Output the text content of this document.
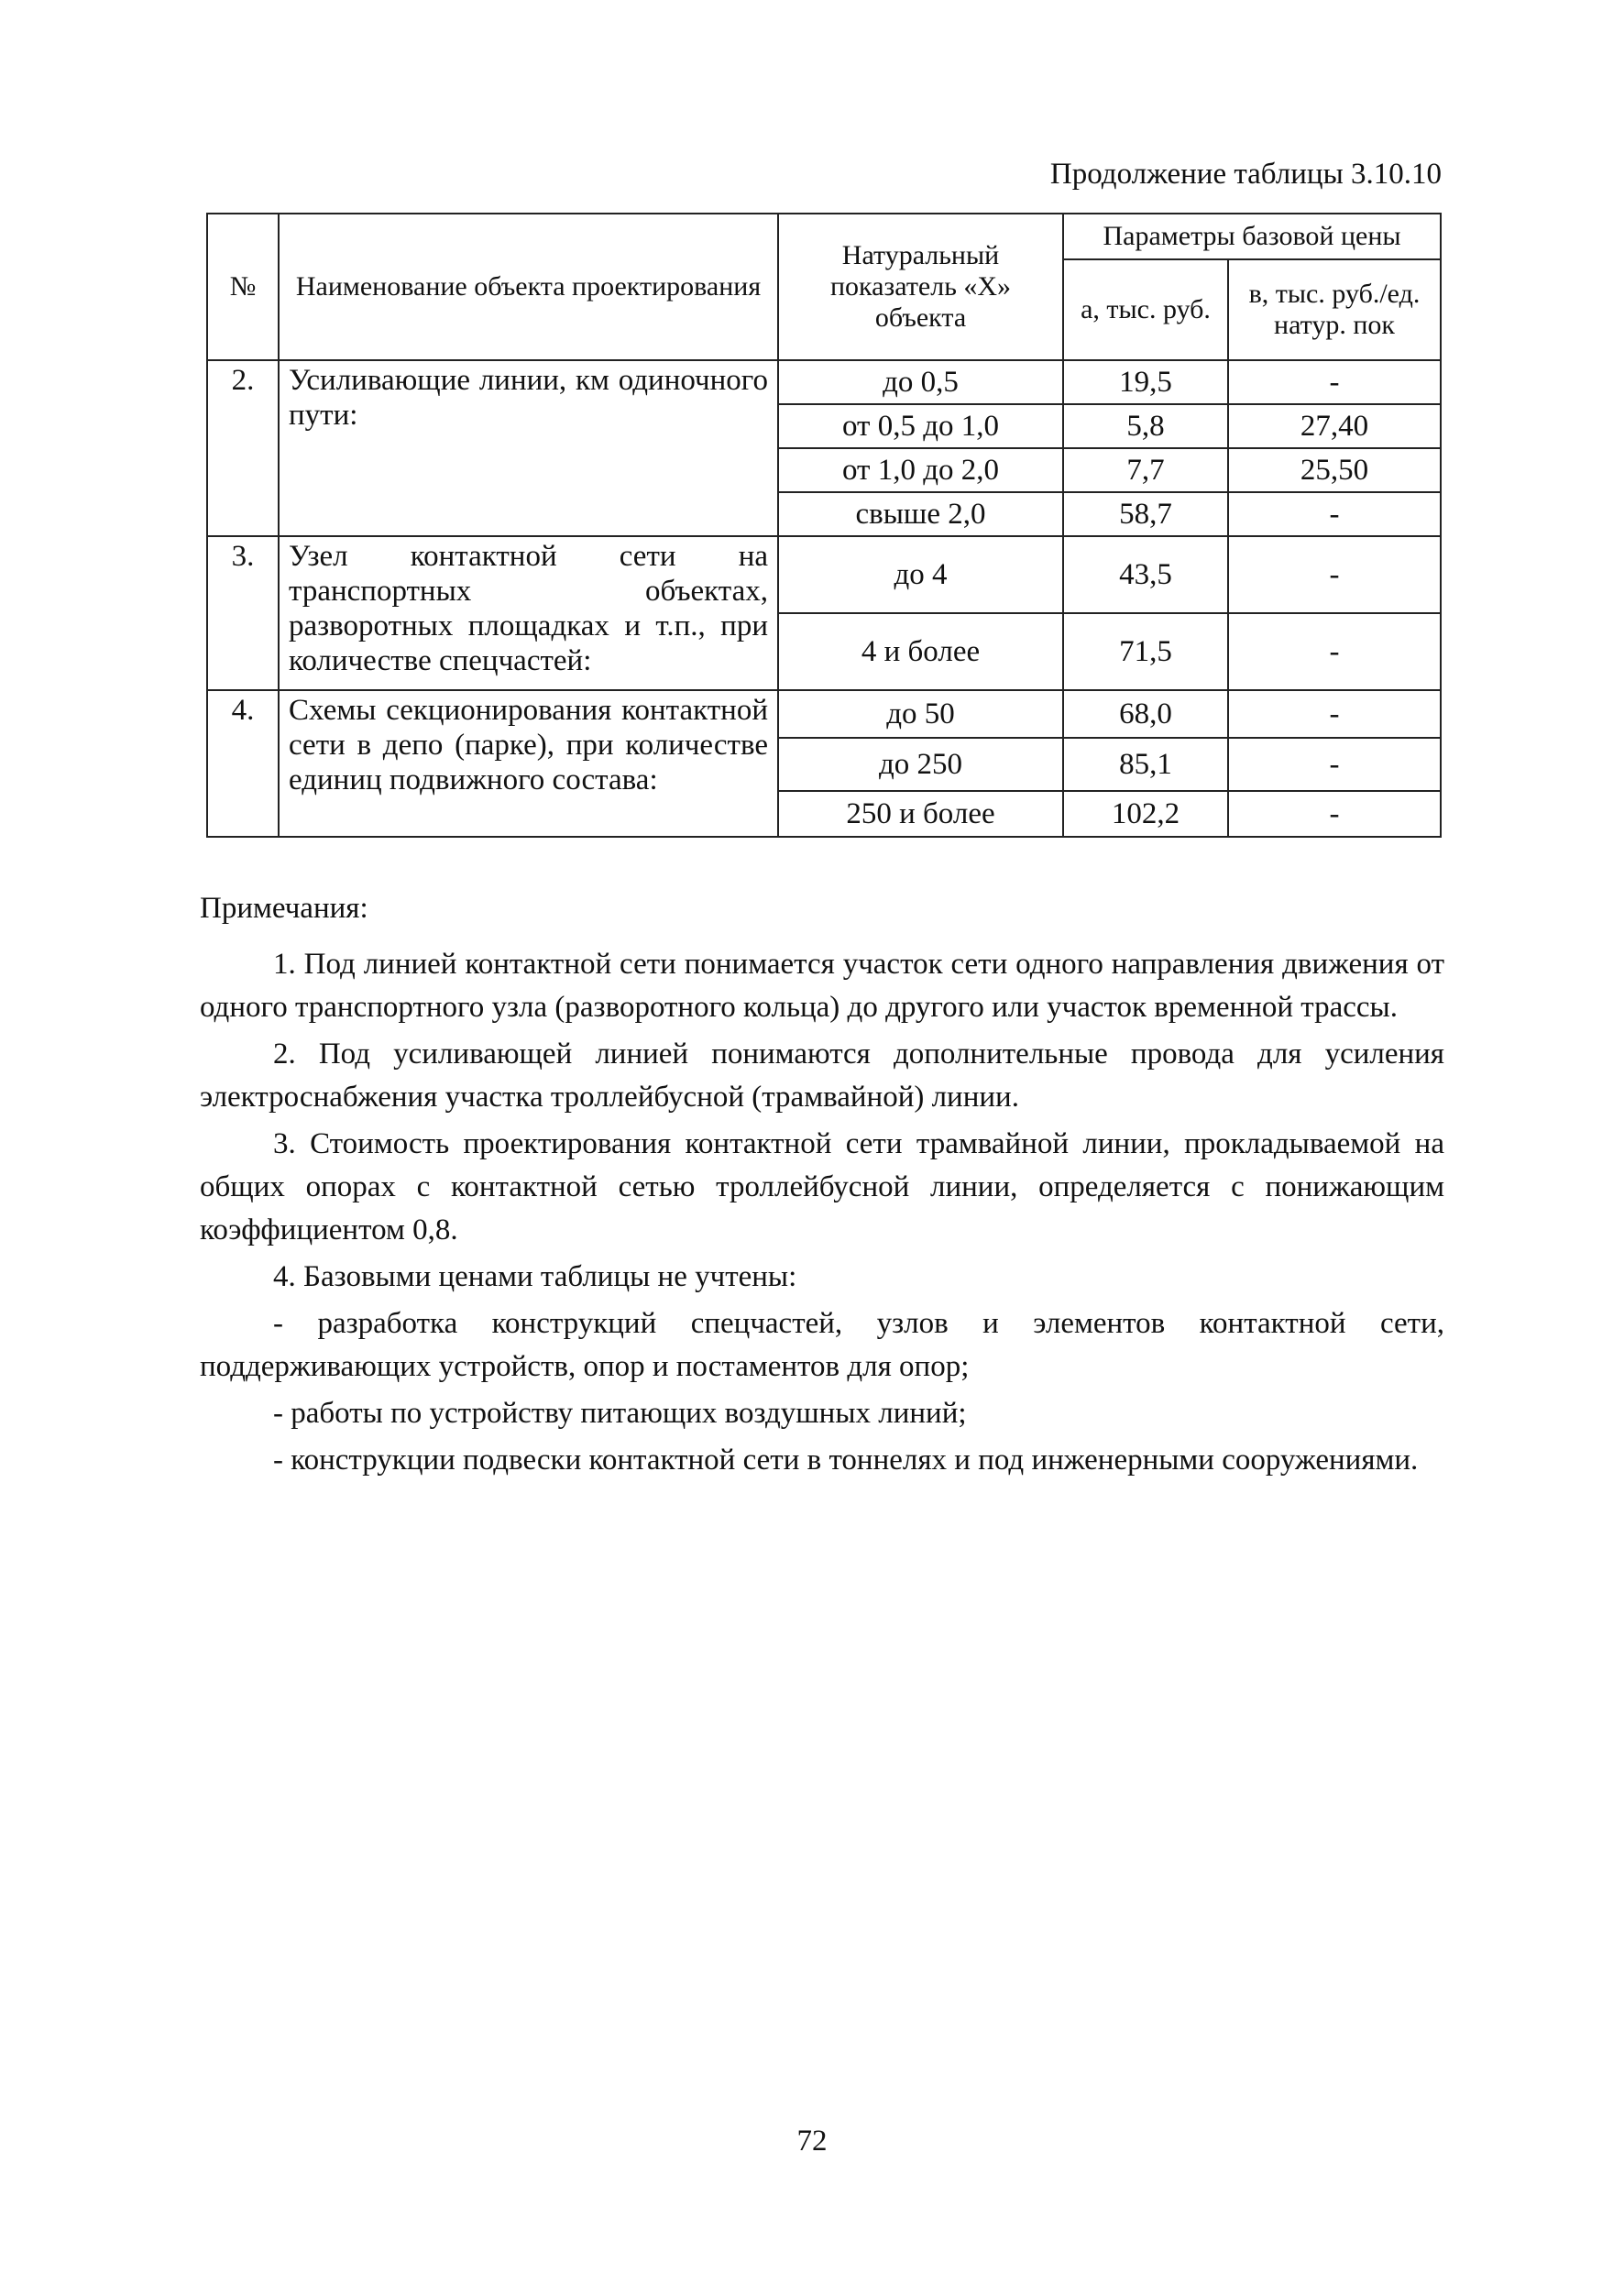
Продолжение таблицы 3.10.10
№	Наименование объекта проектирования	Натуральный показатель «Х» объекта	Параметры базовой цены	
			а, тыс. руб.	в, тыс. руб./ед. натур. пок
2.	Усиливающие линии, км одиночного пути:	до 0,5	19,5	-
		от 0,5 до 1,0	5,8	27,40
		от 1,0 до 2,0	7,7	25,50
		свыше 2,0	58,7	-
3.	Узел контактной сети на транспортных объектах, разворотных площадках и т.п., при количестве спецчастей:	до 4	43,5	-
		4 и более	71,5	-
4.	Схемы секционирования контактной сети в депо (парке), при количестве единиц подвижного состава:	до 50	68,0	-
		до 250	85,1	-
		250 и более	102,2	-

Примечания:

1. Под линией контактной сети понимается участок сети одного направления движения от одного транспортного узла (разворотного кольца) до другого или участок временной трассы.

2. Под усиливающей линией понимаются дополнительные провода для усиления электроснабжения участка троллейбусной (трамвайной) линии.

3. Стоимость проектирования контактной сети трамвайной линии, прокладываемой на общих опорах с контактной сетью троллейбусной линии, определяется с понижающим коэффициентом 0,8.

4. Базовыми ценами таблицы не учтены:

- разработка конструкций спецчастей, узлов и элементов контактной сети, поддерживающих устройств, опор и постаментов для опор;

- работы по устройству питающих воздушных линий;

- конструкции подвески контактной сети в тоннелях и под инженерными сооружениями.

72
